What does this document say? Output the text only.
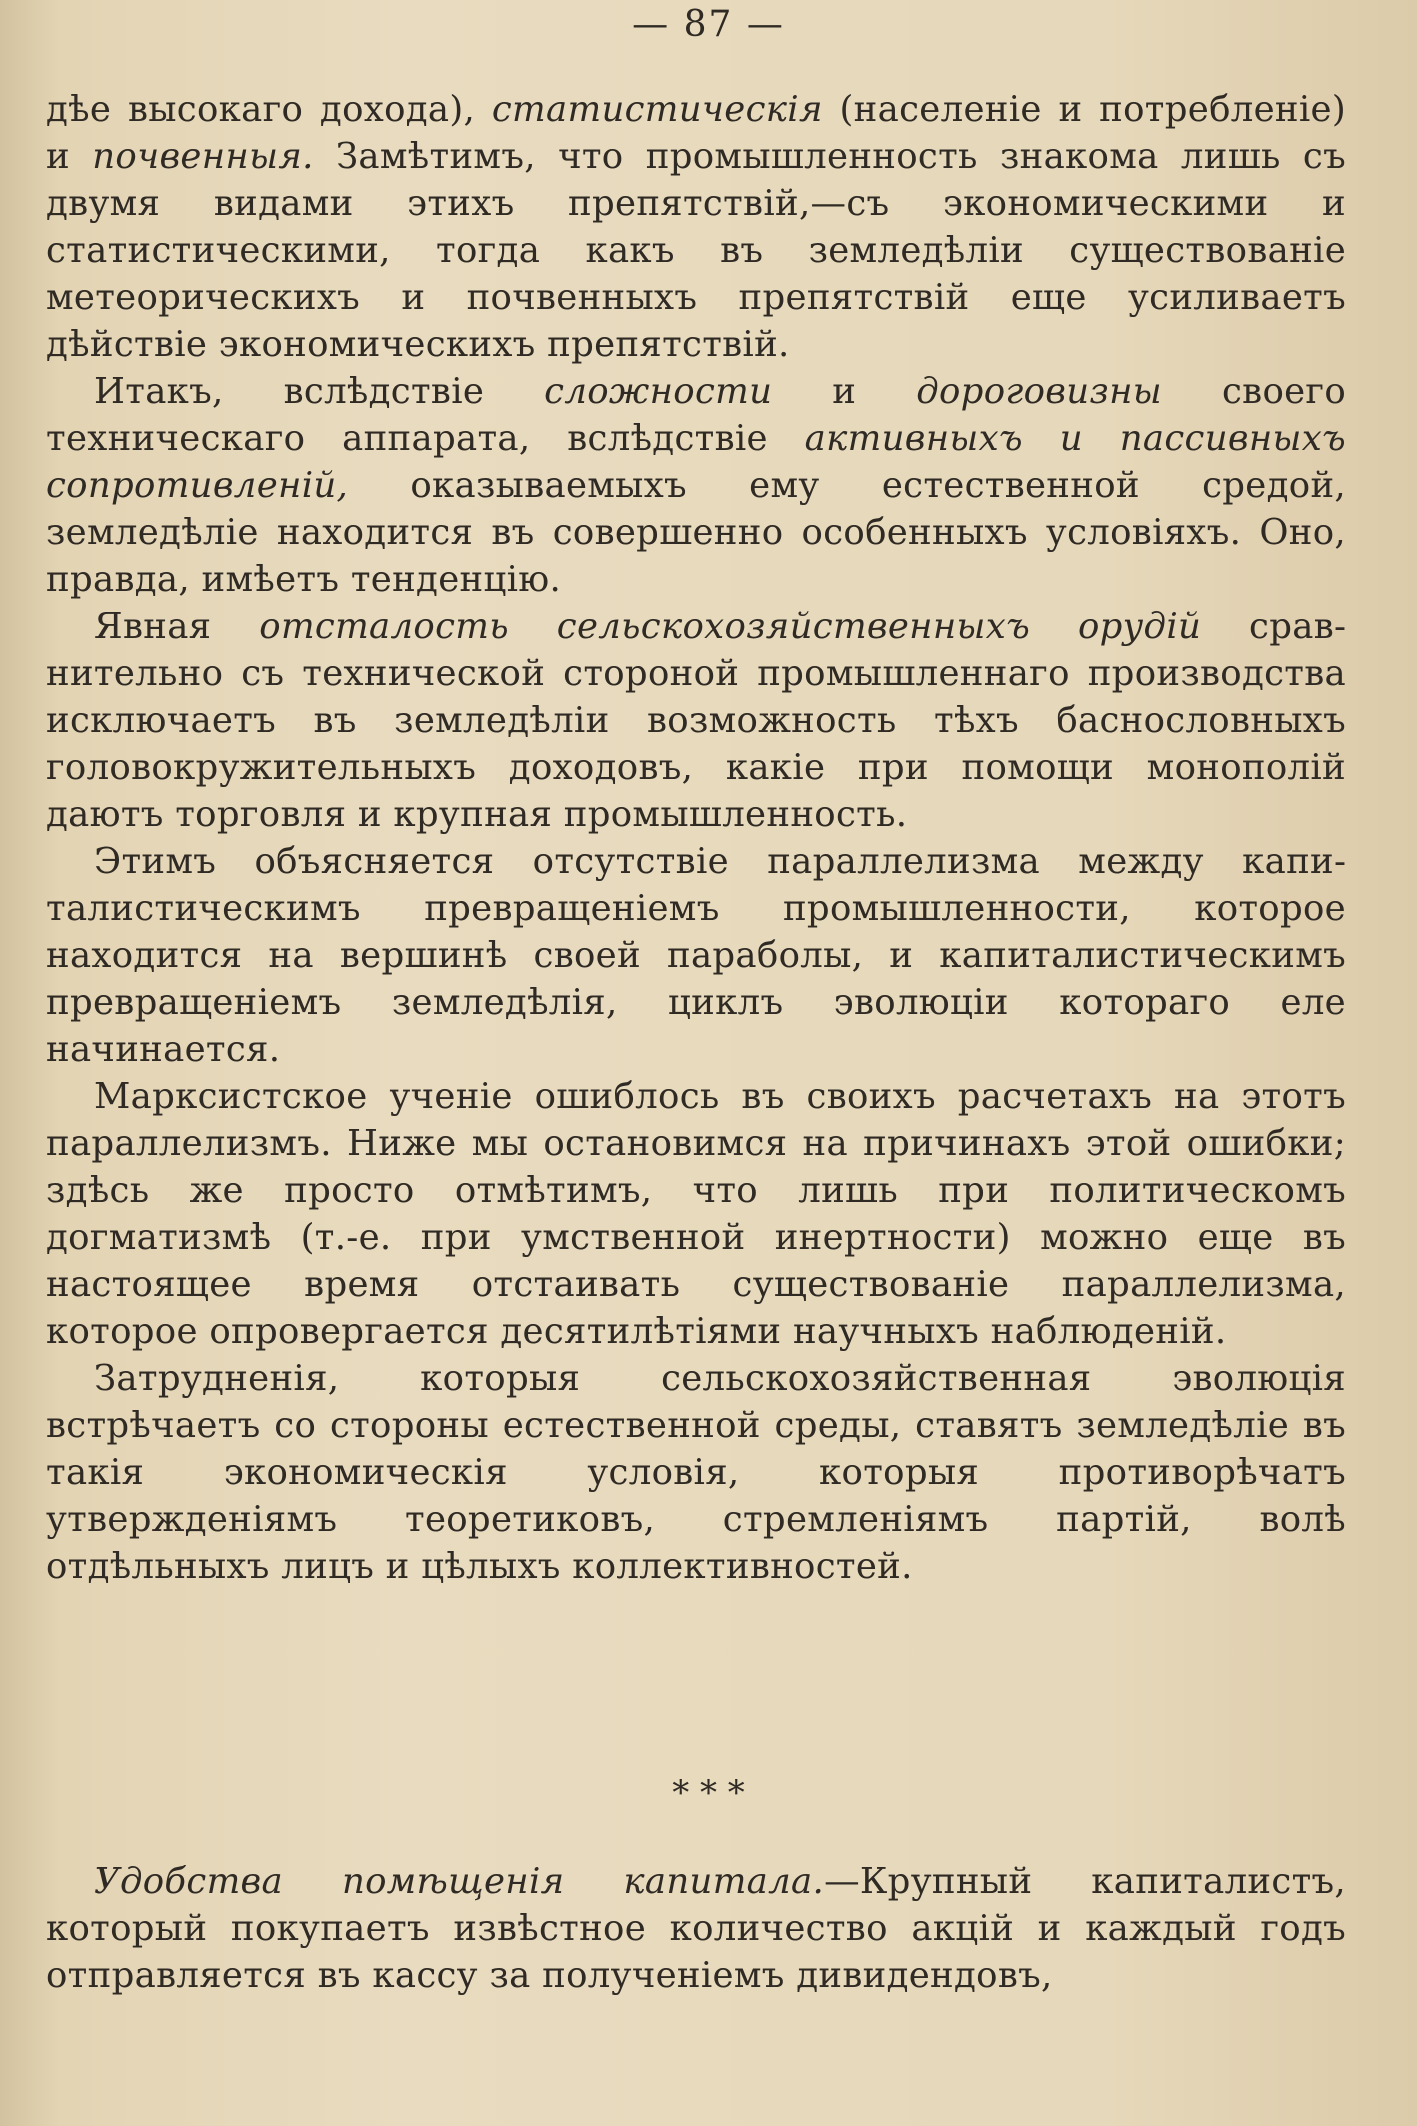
— 87 —

дѣе высокаго дохода), статистическія (населеніе и потребленіе) и почвенныя. Замѣтимъ, что промышленность знакома лишь съ двумя видами этихъ препятствій,—съ экономическими и статистическими, тогда какъ въ земледѣліи существованіе метеорическихъ и почвенныхъ препятствій еще усиливаетъ дѣйствіе экономическихъ препятствій.

Итакъ, вслѣдствіе сложности и дороговизны своего техническаго аппарата, вслѣдствіе активныхъ и пассивныхъ сопротивленій, оказываемыхъ ему естественной средой, земледѣліе находится въ совершенно особенныхъ условіяхъ. Оно, правда, имѣетъ тенденцію.

Явная отсталость сельскохозяйственныхъ орудій сравнительно съ технической стороной промышленнаго производства исключаетъ въ земледѣліи возможность тѣхъ баснословныхъ головокружительныхъ доходовъ, какіе при помощи монополій даютъ торговля и крупная промышленность.

Этимъ объясняется отсутствіе параллелизма между капиталистическимъ превращеніемъ промышленности, которое находится на вершинѣ своей параболы, и капиталистическимъ превращеніемъ земледѣлія, циклъ эволюціи котораго еле начинается.

Марксистское ученіе ошиблось въ своихъ расчетахъ на этотъ параллелизмъ. Ниже мы остановимся на причинахъ этой ошибки; здѣсь же просто отмѣтимъ, что лишь при политическомъ догматизмѣ (т.-е. при умственной инертности) можно еще въ настоящее время отстаивать существованіе параллелизма, которое опровергается десятилѣтіями научныхъ наблюденій.

Затрудненія, которыя сельскохозяйственная эволюція встрѣчаетъ со стороны естественной среды, ставятъ земледѣліе въ такія экономическія условія, которыя противорѣчатъ утвержденіямъ теоретиковъ, стремленіямъ партій, волѣ отдѣльныхъ лицъ и цѣлыхъ коллективностей.

* * *

Удобства помѣщенія капитала.—Крупный капиталистъ, который покупаетъ извѣстное количество акцій и каждый годъ отправляется въ кассу за полученіемъ дивидендовъ,
